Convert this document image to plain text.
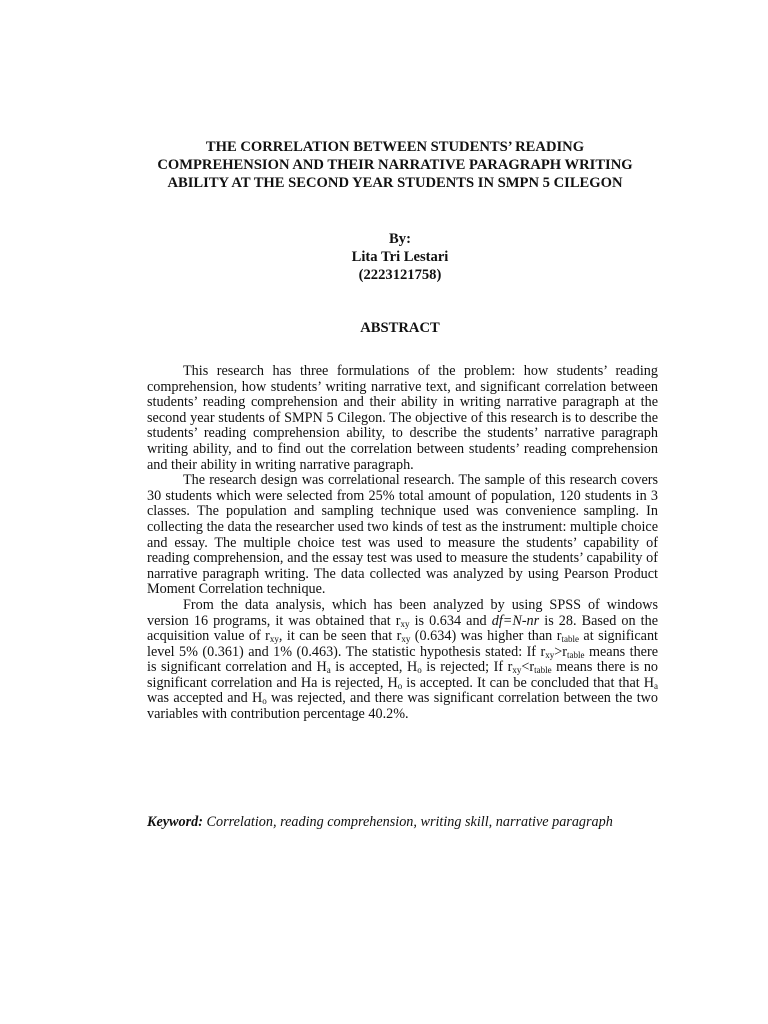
THE CORRELATION BETWEEN STUDENTS’ READING
COMPREHENSION AND THEIR NARRATIVE PARAGRAPH WRITING
ABILITY AT THE SECOND YEAR STUDENTS IN SMPN 5 CILEGON
By:
Lita Tri Lestari
(2223121758)
ABSTRACT

This research has three formulations of the problem: how students’ reading comprehension, how students’ writing narrative text, and significant correlation between students’ reading comprehension and their ability in writing narrative paragraph at the second year students of SMPN 5 Cilegon. The objective of this research is to describe the students’ reading comprehension ability, to describe the students’ narrative paragraph writing ability, and to find out the correlation between students’ reading comprehension and their ability in writing narrative paragraph.

The research design was correlational research. The sample of this research covers 30 students which were selected from 25% total amount of population, 120 students in 3 classes. The population and sampling technique used was convenience sampling. In collecting the data the researcher used two kinds of test as the instrument: multiple choice and essay. The multiple choice test was used to measure the students’ capability of reading comprehension, and the essay test was used to measure the students’ capability of narrative paragraph writing. The data collected was analyzed by using Pearson Product Moment Correlation technique.

From the data analysis, which has been analyzed by using SPSS of windows version 16 programs, it was obtained that $r_{xy}$ is 0.634 and df=N-nr is 28. Based on the acquisition value of $r_{xy}$, it can be seen that $r_{xy}$ (0.634) was higher than $r_{table}$ at significant level 5% (0.361) and 1% (0.463). The statistic hypothesis stated: If $r_{xy}>r_{table}$ means there is significant correlation and $H_a$ is accepted, $H_o$ is rejected; If $r_{xy}<r_{table}$ means there is no significant correlation and Ha is rejected, $H_o$ is accepted. It can be concluded that that $H_a$ was accepted and $H_o$ was rejected, and there was significant correlation between the two variables with contribution percentage 40.2%.

Keyword: Correlation, reading comprehension, writing skill, narrative paragraph
